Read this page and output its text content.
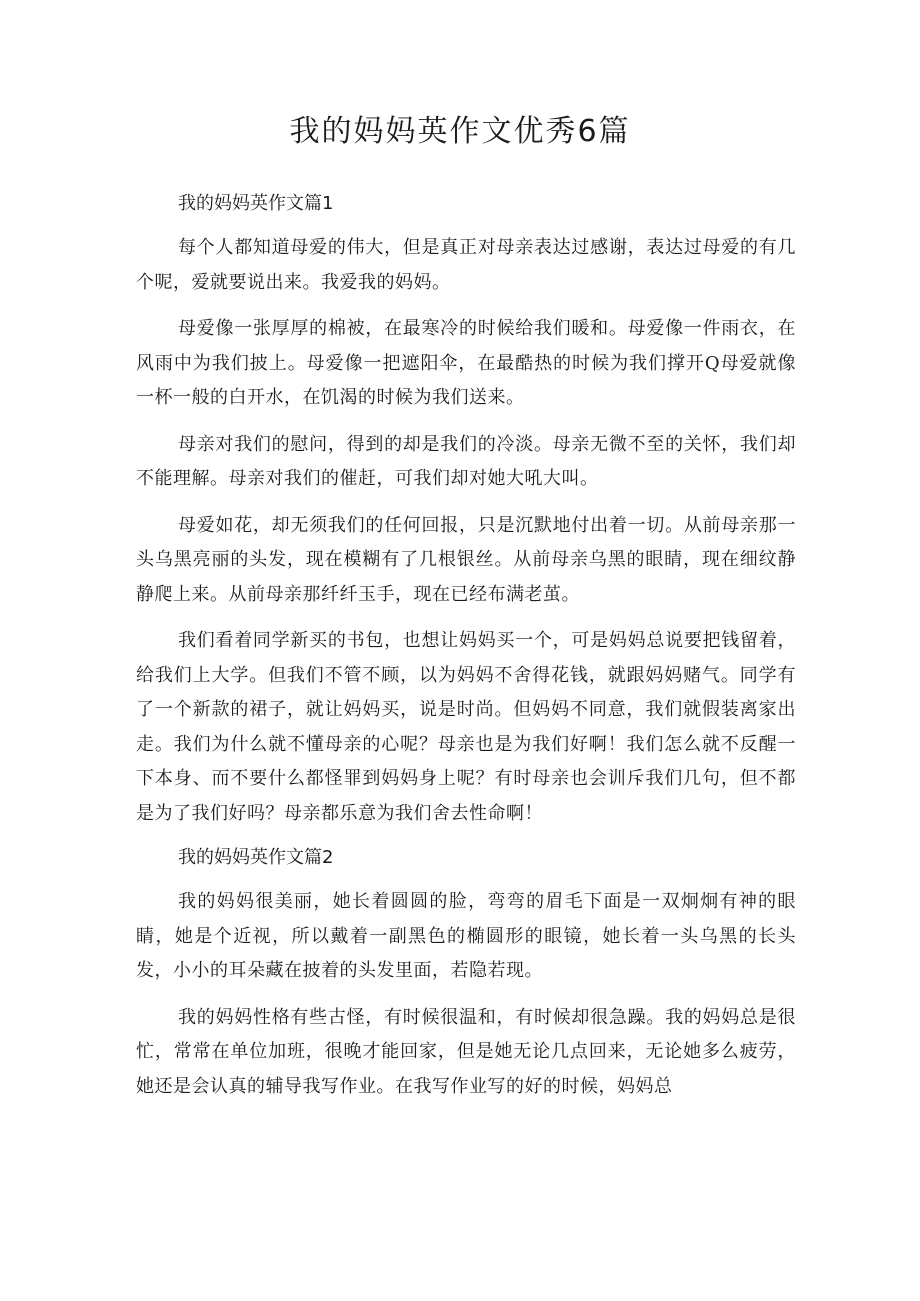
我的妈妈英作文优秀6篇

我的妈妈英作文篇1

每个人都知道母爱的伟大，但是真正对母亲表达过感谢，表达过母爱的有几个呢，爱就要说出来。我爱我的妈妈。

母爱像一张厚厚的棉被，在最寒冷的时候给我们暖和。母爱像一件雨衣，在风雨中为我们披上。母爱像一把遮阳伞，在最酷热的时候为我们撑开Q母爱就像一杯一般的白开水，在饥渴的时候为我们送来。

母亲对我们的慰问，得到的却是我们的冷淡。母亲无微不至的关怀，我们却不能理解。母亲对我们的催赶，可我们却对她大吼大叫。

母爱如花，却无须我们的任何回报，只是沉默地付出着一切。从前母亲那一头乌黑亮丽的头发，现在模糊有了几根银丝。从前母亲乌黑的眼睛，现在细纹静静爬上来。从前母亲那纤纤玉手，现在已经布满老茧。

我们看着同学新买的书包，也想让妈妈买一个，可是妈妈总说要把钱留着，给我们上大学。但我们不管不顾，以为妈妈不舍得花钱，就跟妈妈赌气。同学有了一个新款的裙子，就让妈妈买，说是时尚。但妈妈不同意，我们就假装离家出走。我们为什么就不懂母亲的心呢？母亲也是为我们好啊！我们怎么就不反醒一下本身、而不要什么都怪罪到妈妈身上呢？有时母亲也会训斥我们几句，但不都是为了我们好吗？母亲都乐意为我们舍去性命啊！

我的妈妈英作文篇2

我的妈妈很美丽，她长着圆圆的脸，弯弯的眉毛下面是一双炯炯有神的眼睛，她是个近视，所以戴着一副黑色的椭圆形的眼镜，她长着一头乌黑的长头发，小小的耳朵藏在披着的头发里面，若隐若现。

我的妈妈性格有些古怪，有时候很温和，有时候却很急躁。我的妈妈总是很忙，常常在单位加班，很晚才能回家，但是她无论几点回来，无论她多么疲劳，她还是会认真的辅导我写作业。在我写作业写的好的时候，妈妈总
